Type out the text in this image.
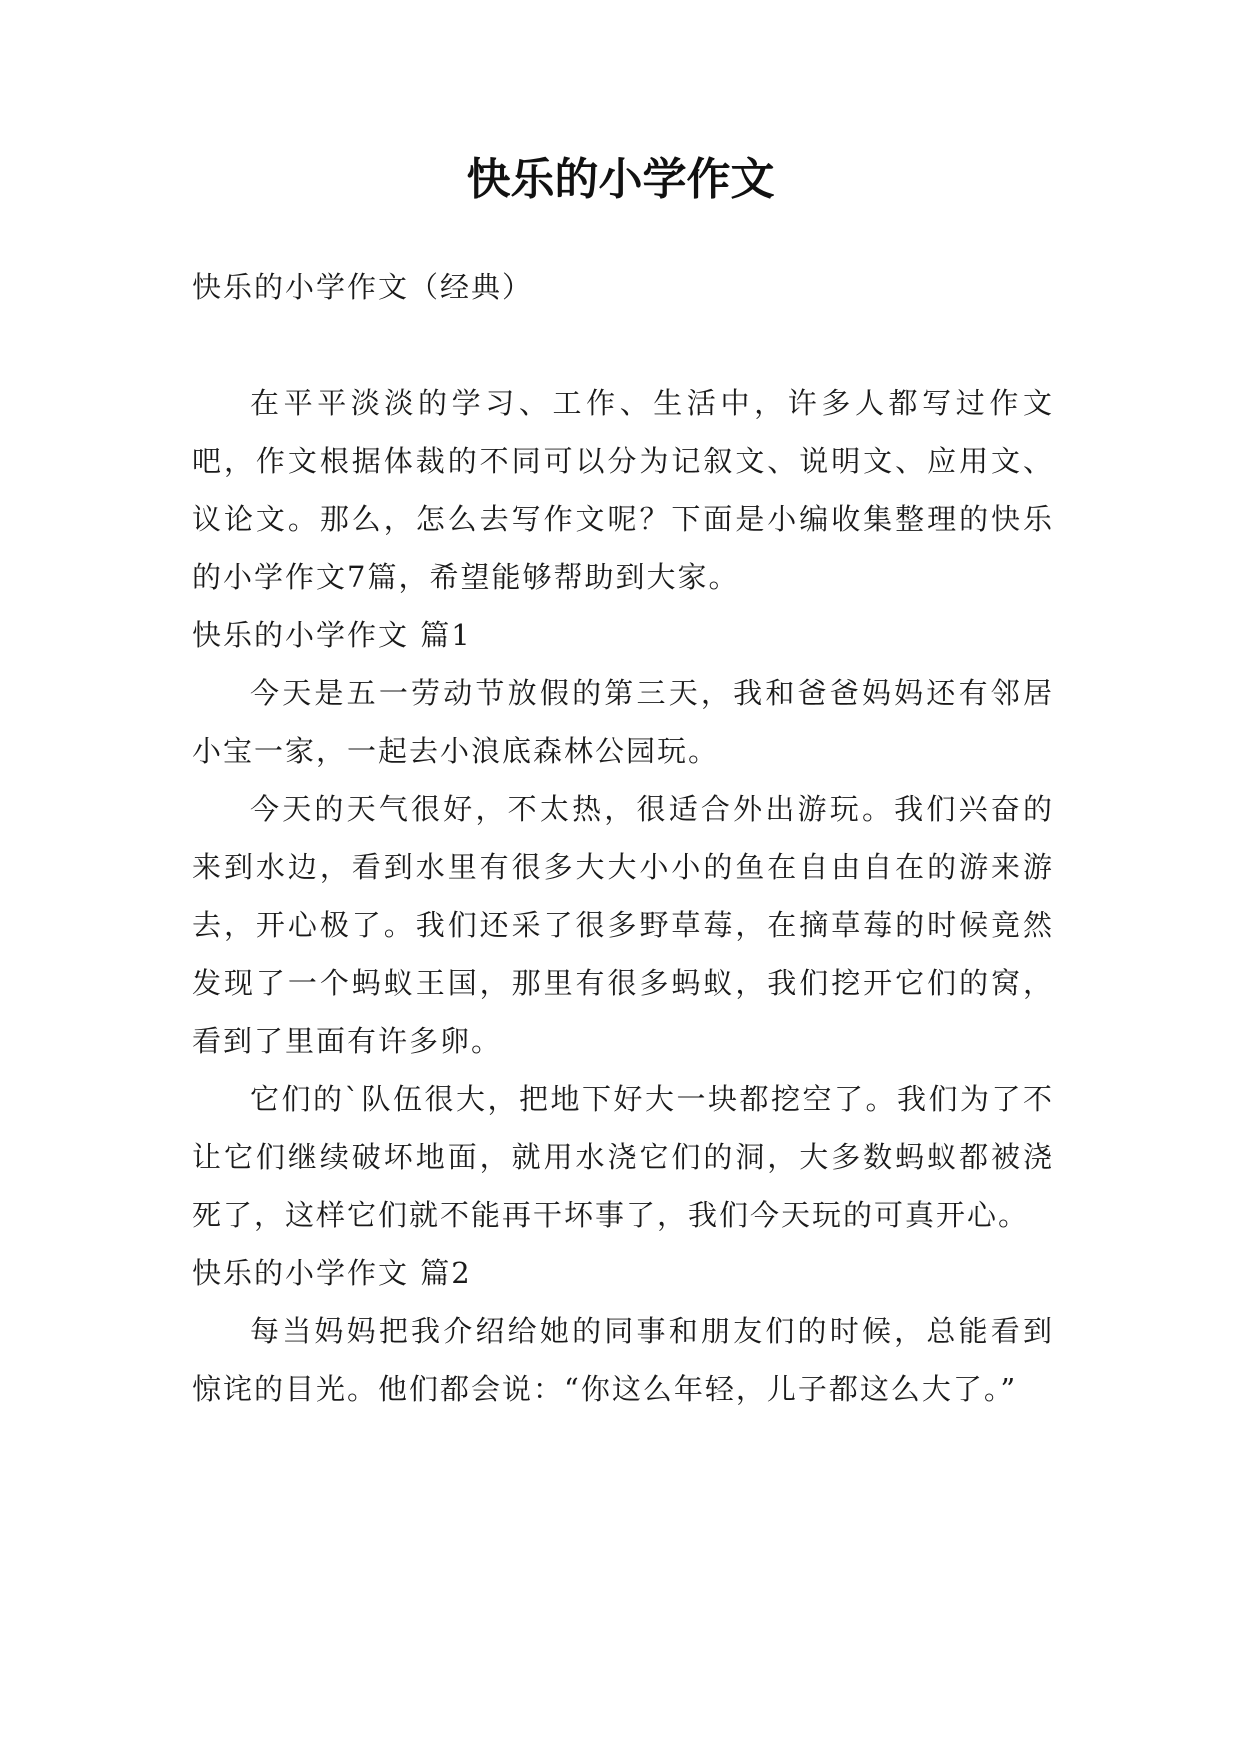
快乐的小学作文

快乐的小学作文（经典）

在平平淡淡的学习、工作、生活中，许多人都写过作文吧，作文根据体裁的不同可以分为记叙文、说明文、应用文、议论文。那么，怎么去写作文呢？下面是小编收集整理的快乐的小学作文7篇，希望能够帮助到大家。

快乐的小学作文 篇1

今天是五一劳动节放假的第三天，我和爸爸妈妈还有邻居小宝一家，一起去小浪底森林公园玩。

今天的天气很好，不太热，很适合外出游玩。我们兴奋的来到水边，看到水里有很多大大小小的鱼在自由自在的游来游去，开心极了。我们还采了很多野草莓，在摘草莓的时候竟然发现了一个蚂蚁王国，那里有很多蚂蚁，我们挖开它们的窝，看到了里面有许多卵。

它们的`队伍很大，把地下好大一块都挖空了。我们为了不让它们继续破坏地面，就用水浇它们的洞，大多数蚂蚁都被浇死了，这样它们就不能再干坏事了，我们今天玩的可真开心。

快乐的小学作文 篇2

每当妈妈把我介绍给她的同事和朋友们的时候，总能看到惊诧的目光。他们都会说：“你这么年轻，儿子都这么大了。”
